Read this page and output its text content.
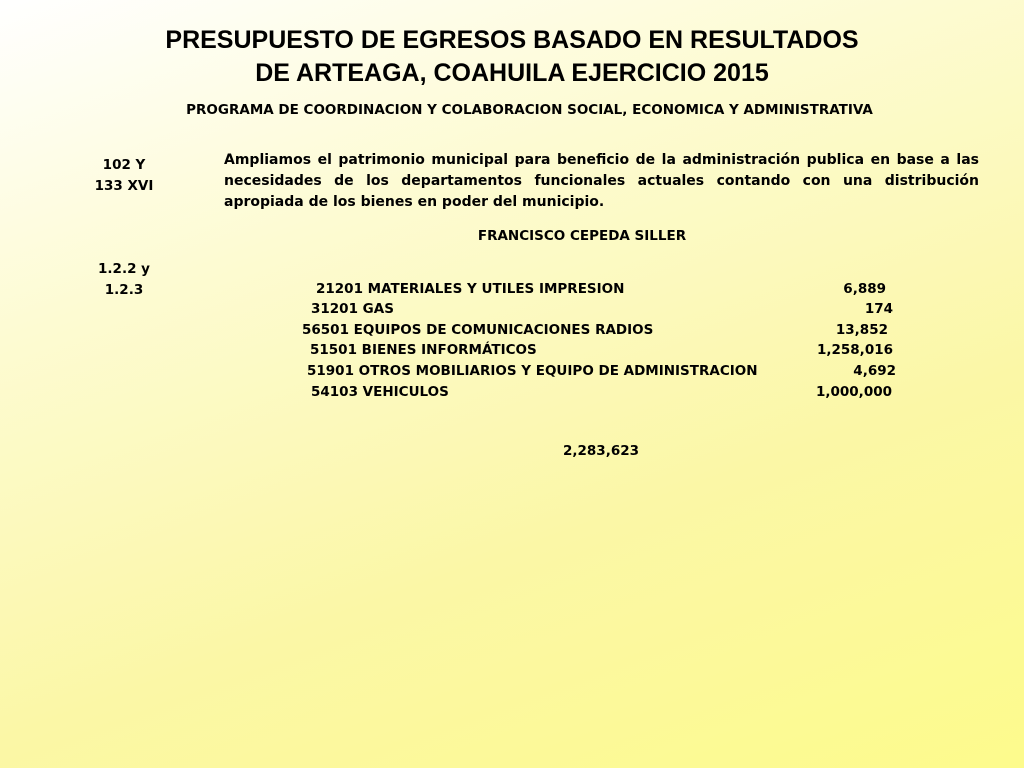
PRESUPUESTO DE EGRESOS BASADO EN RESULTADOS
DE ARTEAGA, COAHUILA EJERCICIO 2015
PROGRAMA DE COORDINACION Y COLABORACION SOCIAL, ECONOMICA Y ADMINISTRATIVA
102 Y
133 XVI

Ampliamos el patrimonio municipal para beneficio de la administración publica en base a las necesidades de los departamentos funcionales actuales contando con una distribución apropiada de los bienes en poder del municipio.

FRANCISCO CEPEDA SILLER
1.2.2 y
1.2.3	21201 MATERIALES Y UTILES IMPRESION	6,889
31201 GAS	174
56501 EQUIPOS DE COMUNICACIONES RADIOS	13,852
51501 BIENES INFORMÁTICOS	1,258,016
51901 OTROS MOBILIARIOS Y EQUIPO DE ADMINISTRACION	4,692
54103 VEHICULOS	1,000,000
2,283,623
